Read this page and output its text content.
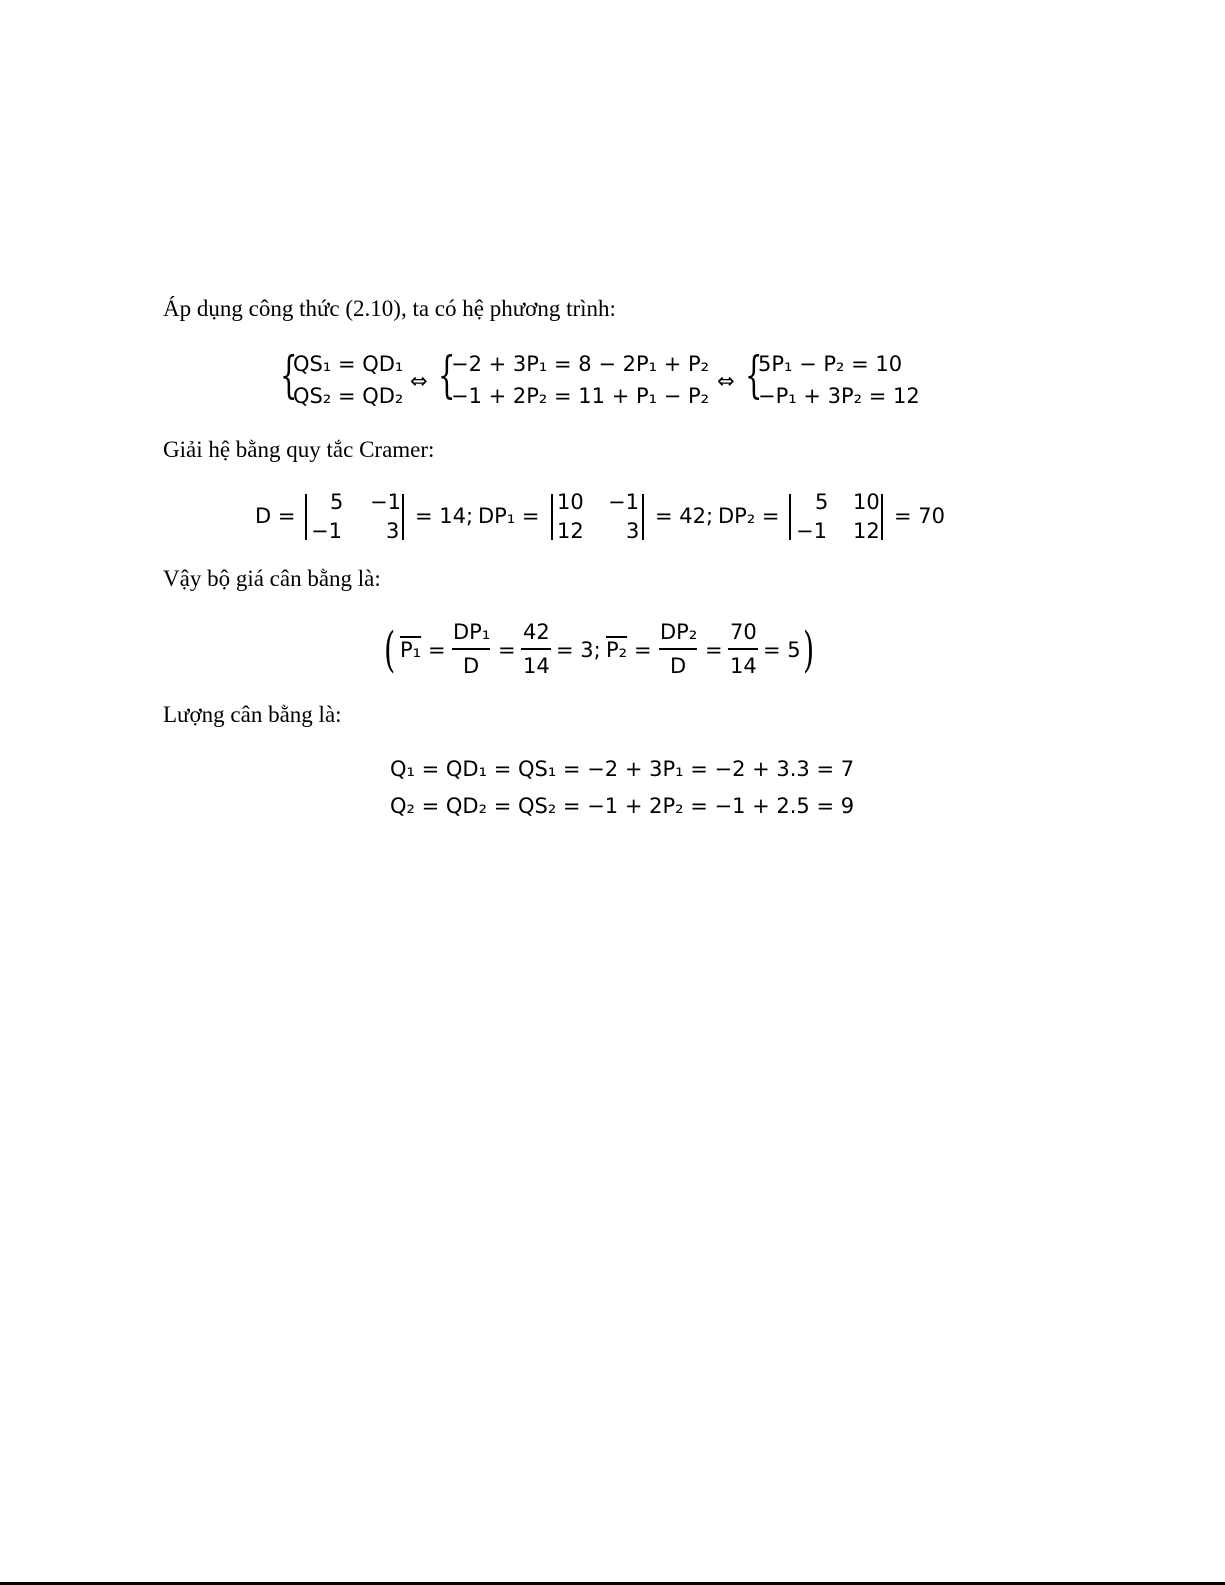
Áp dụng công thức (2.10), ta có hệ phương trình:
{
QS₁ = QD₁
QS₂ = QD₂
⇔ {
−2 + 3P₁ = 8 − 2P₁ + P₂
−1 + 2P₂ = 11 + P₁ − P₂
⇔ {
5P₁ − P₂ = 10
−P₁ + 3P₂ = 12
Giải hệ bằng quy tắc Cramer:
D =
5 −1
−1 3
= 14; DP₁ =
10 −1
12 3
= 42; DP₂ =
5 10
−1 12
= 70
Vậy bộ giá cân bằng là:
( P₁ =
DP₁
D
=
42
14
= 3; P₂ =
DP₂
D
=
70
14
= 5 )
Lượng cân bằng là:
Q₁ = QD₁ = QS₁ = −2 + 3P₁ = −2 + 3.3 = 7
Q₂ = QD₂ = QS₂ = −1 + 2P₂ = −1 + 2.5 = 9
